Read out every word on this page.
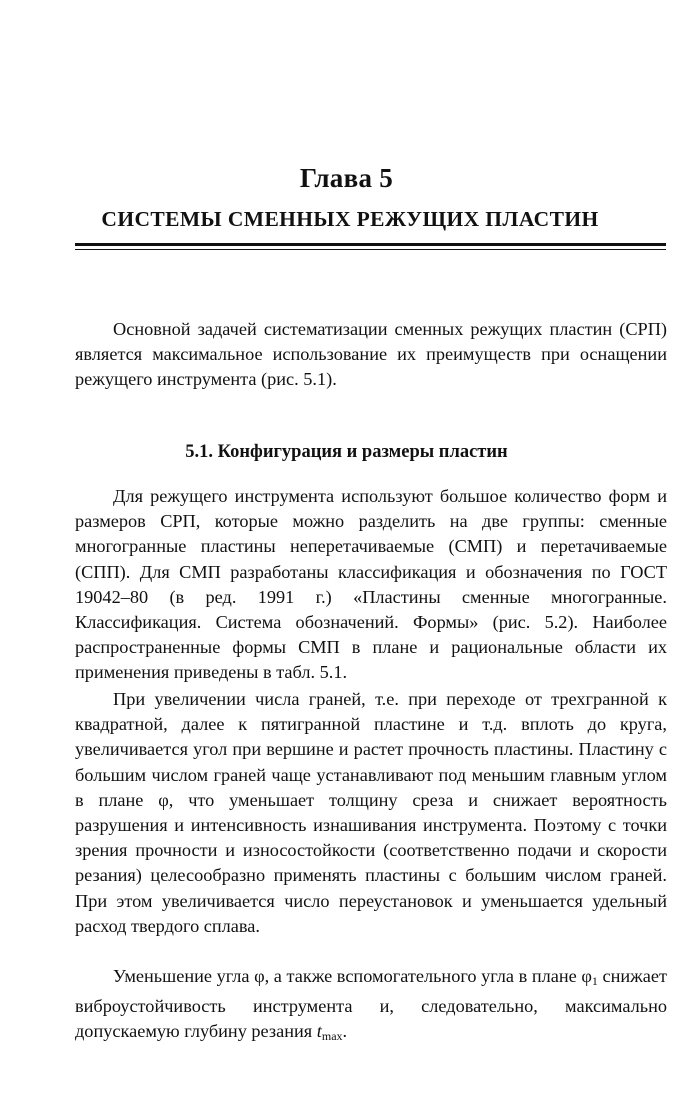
Глава 5
СИСТЕМЫ СМЕННЫХ РЕЖУЩИХ ПЛАСТИН

Основной задачей систематизации сменных режущих пластин (СРП) является максимальное использование их преимуществ при оснащении режущего инструмента (рис. 5.1).

5.1. Конфигурация и размеры пластин

Для режущего инструмента используют большое количество форм и размеров СРП, которые можно разделить на две группы: сменные многогранные пластины неперетачиваемые (СМП) и перетачиваемые (СПП). Для СМП разработаны классификация и обозначения по ГОСТ 19042–80 (в ред. 1991 г.) «Пластины сменные многогранные. Классификация. Система обозначений. Формы» (рис. 5.2). Наиболее распространенные формы СМП в плане и рациональные области их применения приведены в табл. 5.1.

При увеличении числа граней, т.е. при переходе от трехгранной к квадратной, далее к пятигранной пластине и т.д. вплоть до круга, увеличивается угол при вершине и растет прочность пластины. Пластину с большим числом граней чаще устанавливают под меньшим главным углом в плане φ, что уменьшает толщину среза и снижает вероятность разрушения и интенсивность изнашивания инструмента. Поэтому с точки зрения прочности и износостойкости (соответственно подачи и скорости резания) целесообразно применять пластины с большим числом граней. При этом увеличивается число переустановок и уменьшается удельный расход твердого сплава.

Уменьшение угла φ, а также вспомогательного угла в плане $\varphi_1$ снижает виброустойчивость инструмента и, следовательно, максимально допускаемую глубину резания $t_{max}$.
